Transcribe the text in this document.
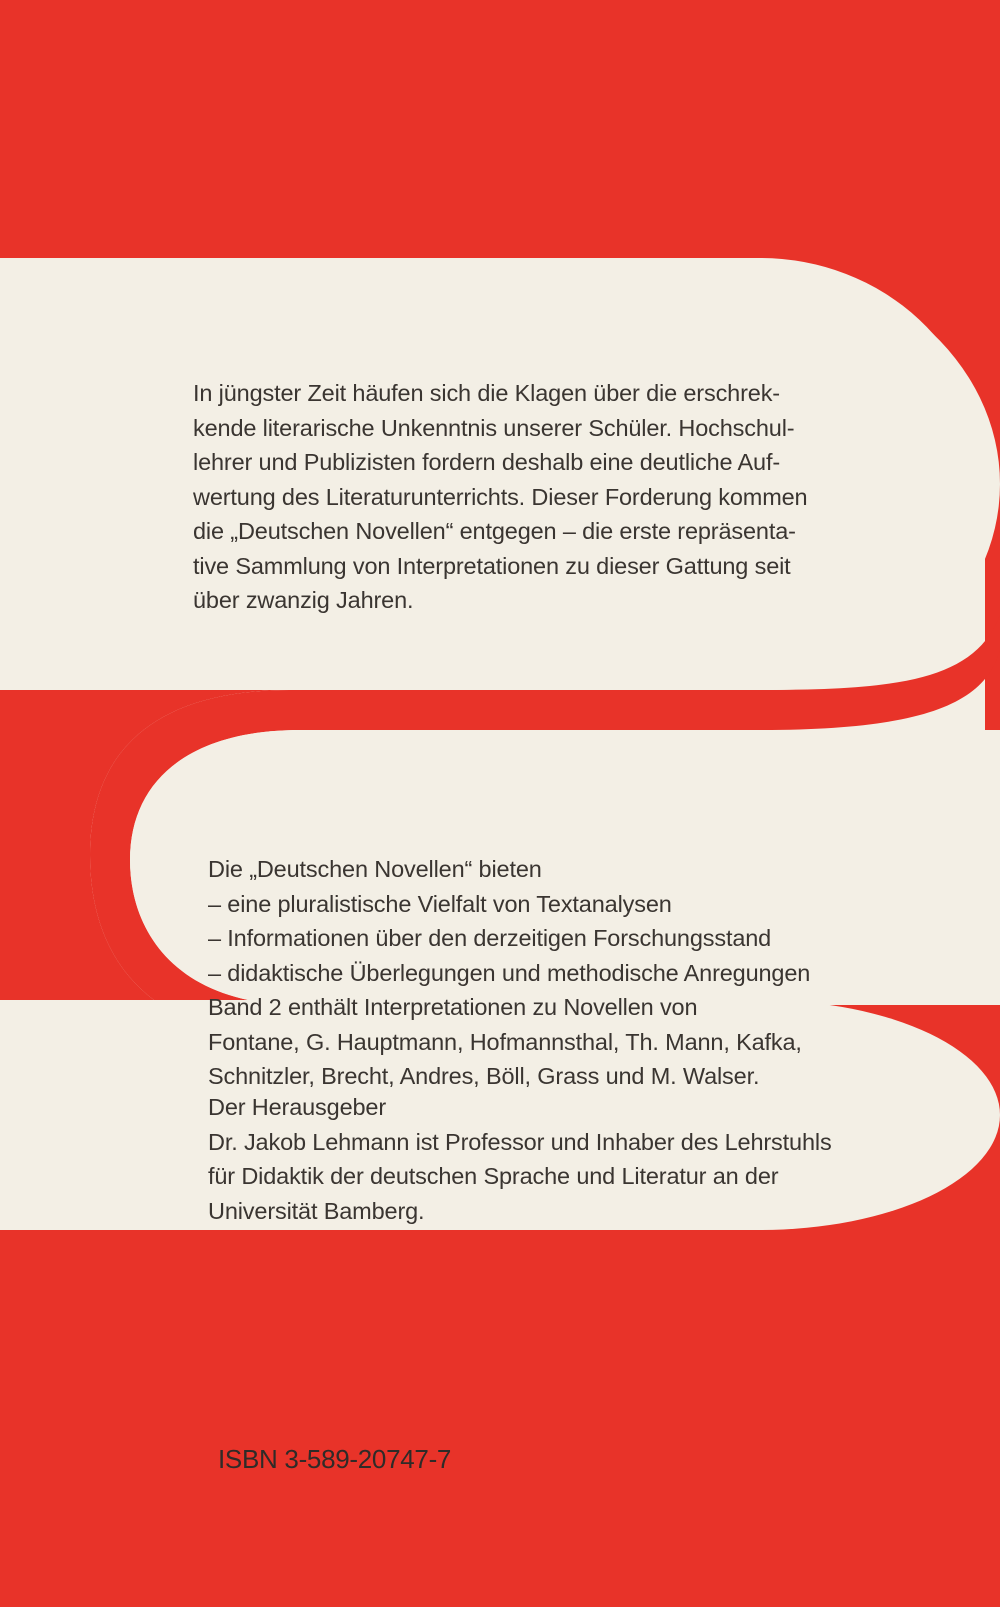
In jüngster Zeit häufen sich die Klagen über die erschrek-
kende literarische Unkenntnis unserer Schüler. Hochschul-
lehrer und Publizisten fordern deshalb eine deutliche Auf-
wertung des Literaturunterrichts. Dieser Forderung kommen
die „Deutschen Novellen“ entgegen – die erste repräsenta-
tive Sammlung von Interpretationen zu dieser Gattung seit
über zwanzig Jahren.
Die „Deutschen Novellen“ bieten
– eine pluralistische Vielfalt von Textanalysen
– Informationen über den derzeitigen Forschungsstand
– didaktische Überlegungen und methodische Anregungen
Band 2 enthält Interpretationen zu Novellen von
Fontane, G. Hauptmann, Hofmannsthal, Th. Mann, Kafka,
Schnitzler, Brecht, Andres, Böll, Grass und M. Walser.
Der Herausgeber
Dr. Jakob Lehmann ist Professor und Inhaber des Lehrstuhls
für Didaktik der deutschen Sprache und Literatur an der
Universität Bamberg.
ISBN 3-589-20747-7
